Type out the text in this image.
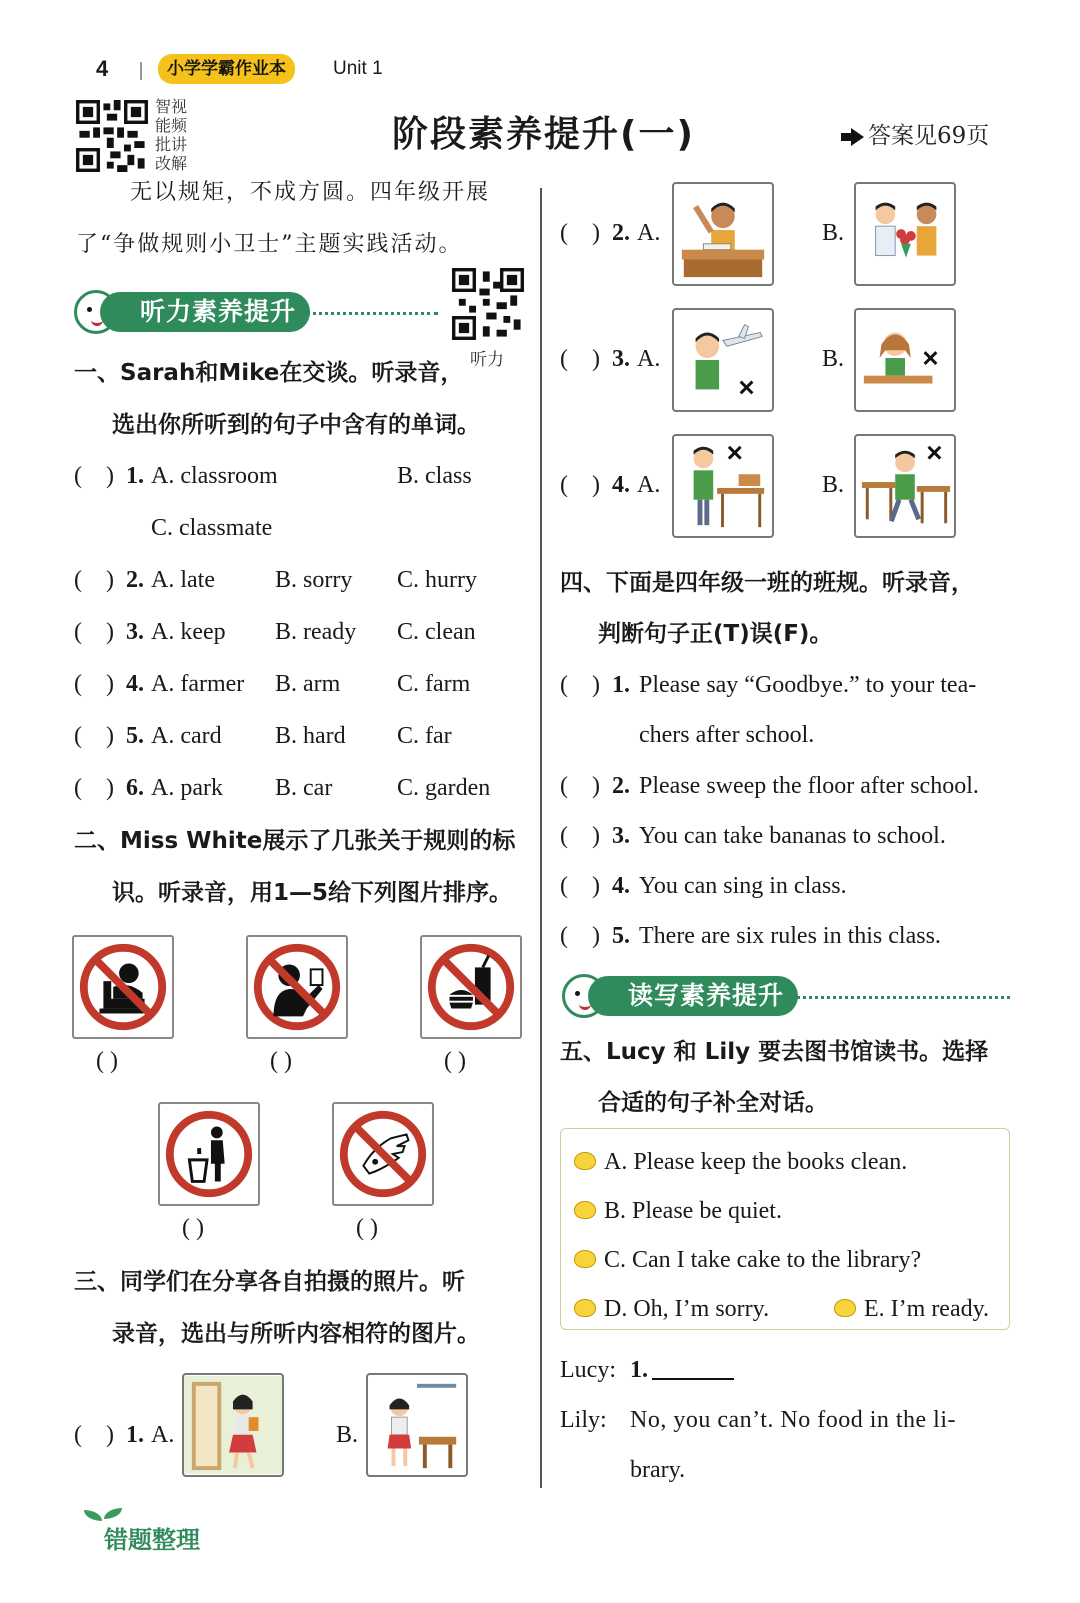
4	小学学霸作业本	Unit 1
智视
能频
批讲
改解
阶段素养提升(一)	答案见69页
无以规矩，不成方圆。四年级开展
了“争做规则小卫士”主题实践活动。
听力素养提升
听力
一、Sarah和Mike在交谈。听录音，
选出你所听到的句子中含有的单词。
(    ) 1. A. classroom	B. class
C. classmate
(    ) 2. A. late	B. sorry C. hurry
(    ) 3. A. keep B. ready C. clean
(    ) 4. A. farmer B. arm C. farm
(    ) 5. A. card B. hard C. far
(    ) 6. A. park B. car	C. garden
二、Miss White展示了几张关于规则的标
识。听录音，用1—5给下列图片排序。
( )	( )	( )
( )	( )
三、同学们在分享各自拍摄的照片。听
录音，选出与所听内容相符的图片。
(    ) 1. A.	B.
(    ) 2. A.	B.
(    ) 3. A.	B.
(    ) 4. A.	B.
四、下面是四年级一班的班规。听录音，
判断句子正(T)误(F)。
(    ) 1. Please say “Goodbye.” to your tea-
chers after school.
(    ) 2. Please sweep the floor after school.
(    ) 3. You can take bananas to school.
(    ) 4. You can sing in class.
(    ) 5. There are six rules in this class.
读写素养提升
五、Lucy 和 Lily 要去图书馆读书。选择
合适的句子补全对话。
A. Please keep the books clean.
B. Please be quiet.
C. Can I take cake to the library?
D. Oh, I’m sorry.	E. I’m ready.
Lucy: 1.
Lily: No, you can’t. No food in the li-
brary.
错题整理
